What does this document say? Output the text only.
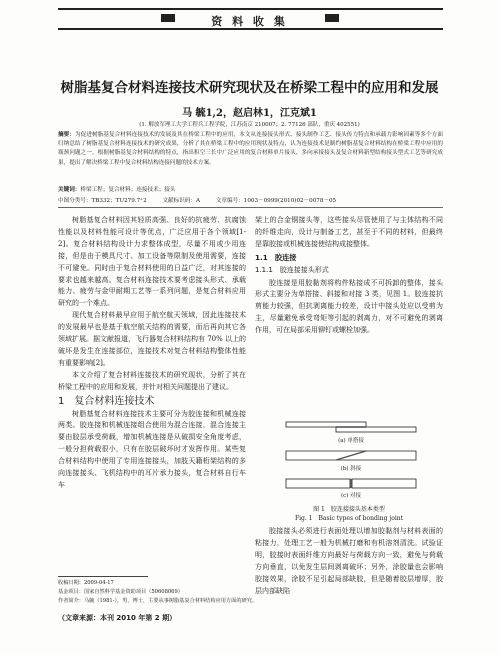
资 料 收 集
树脂基复合材料连接技术研究现状及在桥梁工程中的应用和发展
马 毓1,2，赵启林1，江克斌1
(1. 解放军理工大学工程兵工程学院，江苏南京 210007；2. 77126 部队，重庆 402551)
摘要：为促进树脂基复合材料连接技术的发展及其在桥梁工程中的应用，本文从连接接头形式、接头制作工艺、接头传力特点和承载力影响因素等多个方面归纳总结了树脂基复合材料连接技术的研究成果，分析了其在桥梁工程中的应用现状及特点，认为连接技术是制约树脂基复合材料结构在桥梁工程中应用的瓶颈问题之一。根据树脂基复合材料结构的特点，指出积空三长中广泛应用的复合材料单片接头，多向承接接头及复合材料新型结构接头型式工艺等研究成果，提出了解决桥梁工程中复合材料结构连接问题的技术方案。
关键词：桥梁工程；复合材料；连接技术；接头
中图分类号：TB332；TU279.7⁺2	文献标识码：A	文章编号：1003－0999(2010)02－0078－05

树脂基复合材料因其轻质高强、良好的抗疲劳、抗腐蚀性能以及材料性能可设计等优点，广泛应用于各个领域[1-2]。复合材料结构设计力求整体成型，尽量不用或少用连接，但是由于模具尺寸、加工设备等限制及使用需要，连接不可避免。同时由于复合材料使用的日益广泛，对其连接的要求也越来越高。复合材料连接技术要考虑接头形式、承载能力、疲劳与金甲耐期工艺等一系列问题，是复合材料应用研究的一个难点。

现代复合材料最早应用于航空航天领域，因此连接技术的发展最早也是基于航空航天结构的需要，而后再向其它各领域扩展。据文献报道，飞行器复合材料结构有 70% 以上的破坏是发生在连接部位，连接技术对复合材料结构整体性能有重要影响[2]。

本文介绍了复合材料连接技术的研究现状，分析了其在桥梁工程中的应用和发展，并针对相关问题提出了建议。

1　复合材料连接技术

树脂基复合材料连接技术主要可分为胶连接和机械连接两类。胶连接和机械连接组合使用为混合连接，混合连接主要由胶层承受荷载，增加机械连接是从破损安全角度考虑，一般分担荷载很小，只有在胶层破坏时才发挥作用。某些复合材料结构中使用了专用连接接头，加肢天籍桁架结构的多向连接接头、飞机结构中的耳片承力接头，复合材料自行车车

架上的合金铜接头等，这些接头尽管使用了与主体结构不同的纤维走向，设计与制备工艺，甚至于不同的材料，但最终是靠胶接或机械连接使结构成接整体。

1.1　胶连接
1.1.1　胶连接接头形式

胶连接是用胶黏剂将构件粘接成不可拆卸的整体，接头形式主要分为单搭接、斜接和对接 3 类，见图 1。胶连接抗剪能力较强，但抗剥离能力较差，设计中接头处应以受剪为主，尽量避免承受弯矩等引起的剥离力，对不可避免的剥离作用，可在局部采用铆钉或螺栓加强。

(a) 单搭接
(b) 斜接
(c) 对接
图 1　胶连接接头基本类型
Fig. 1　Basic types of bonding joint

胶接接头必须进行表面处理以增加胶黏剂与材料表面的粘接力，处理工艺一般为机械打磨和有机溶剂清洗。试验证明，胶接时表面纤维方向最好与荷载方向一致，避免与荷载方向垂直，以免发生层间剥离破坏；另外，涂胶量也会影响胶接效果，涂胶不足引起局部缺胶，但是随着胶层增厚，胶层内部缺陷

收稿日期：2009-04-17
基金项目：国家自然科学基金资助项目（50608069）
作者简介：马毓（1981-），男，博士，主要从事树脂基复合材料结构应用方面的研究。
（文章来源：本刊 2010 年第 2 期）
